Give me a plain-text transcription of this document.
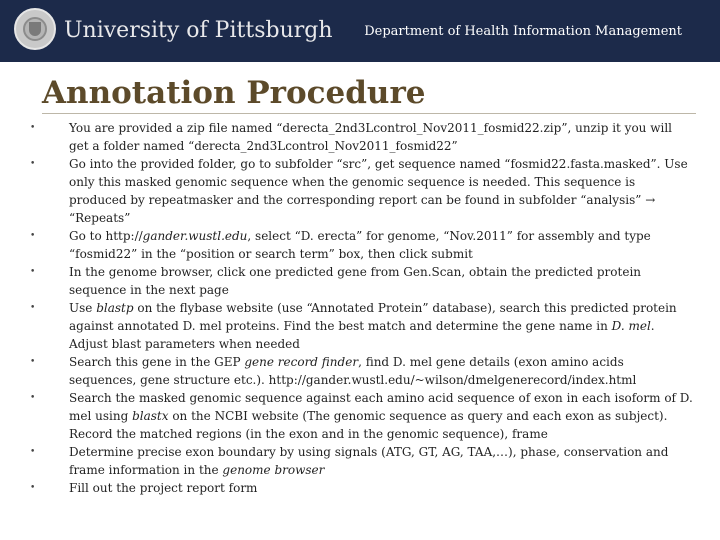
University of Pittsburgh Department of Health Information Management
Annotation Procedure
•
You are provided a zip file named “derecta_2nd3Lcontrol_Nov2011_fosmid22.zip”, unzip it you will get a folder named “derecta_2nd3Lcontrol_Nov2011_fosmid22”
•
Go into the provided folder, go to subfolder “src”, get sequence named “fosmid22.fasta.masked”. Use only this masked genomic sequence when the genomic sequence is needed. This sequence is produced by repeatmasker and the corresponding report can be found in subfolder “analysis” → “Repeats”
•
Go to http://gander.wustl.edu, select “D. erecta” for genome, “Nov.2011” for assembly and type “fosmid22” in the “position or search term” box, then click submit
•
In the genome browser, click one predicted gene from Gen.Scan, obtain the predicted protein sequence in the next page
•
Use blastp on the flybase website (use “Annotated Protein” database), search this predicted protein against annotated D. mel proteins. Find the best match and determine the gene name in D. mel. Adjust blast parameters when needed
•
Search this gene in the GEP gene record finder, find D. mel gene details (exon amino acids sequences, gene structure etc.). http://gander.wustl.edu/~wilson/dmelgenerecord/index.html
•
Search the masked genomic sequence against each amino acid sequence of exon in each isoform of D. mel using blastx on the NCBI website (The genomic sequence as query and each exon as subject). Record the matched regions (in the exon and in the genomic sequence), frame
•
Determine precise exon boundary by using signals (ATG, GT, AG, TAA,…), phase, conservation and frame information in the genome browser
•
Fill out the project report form
